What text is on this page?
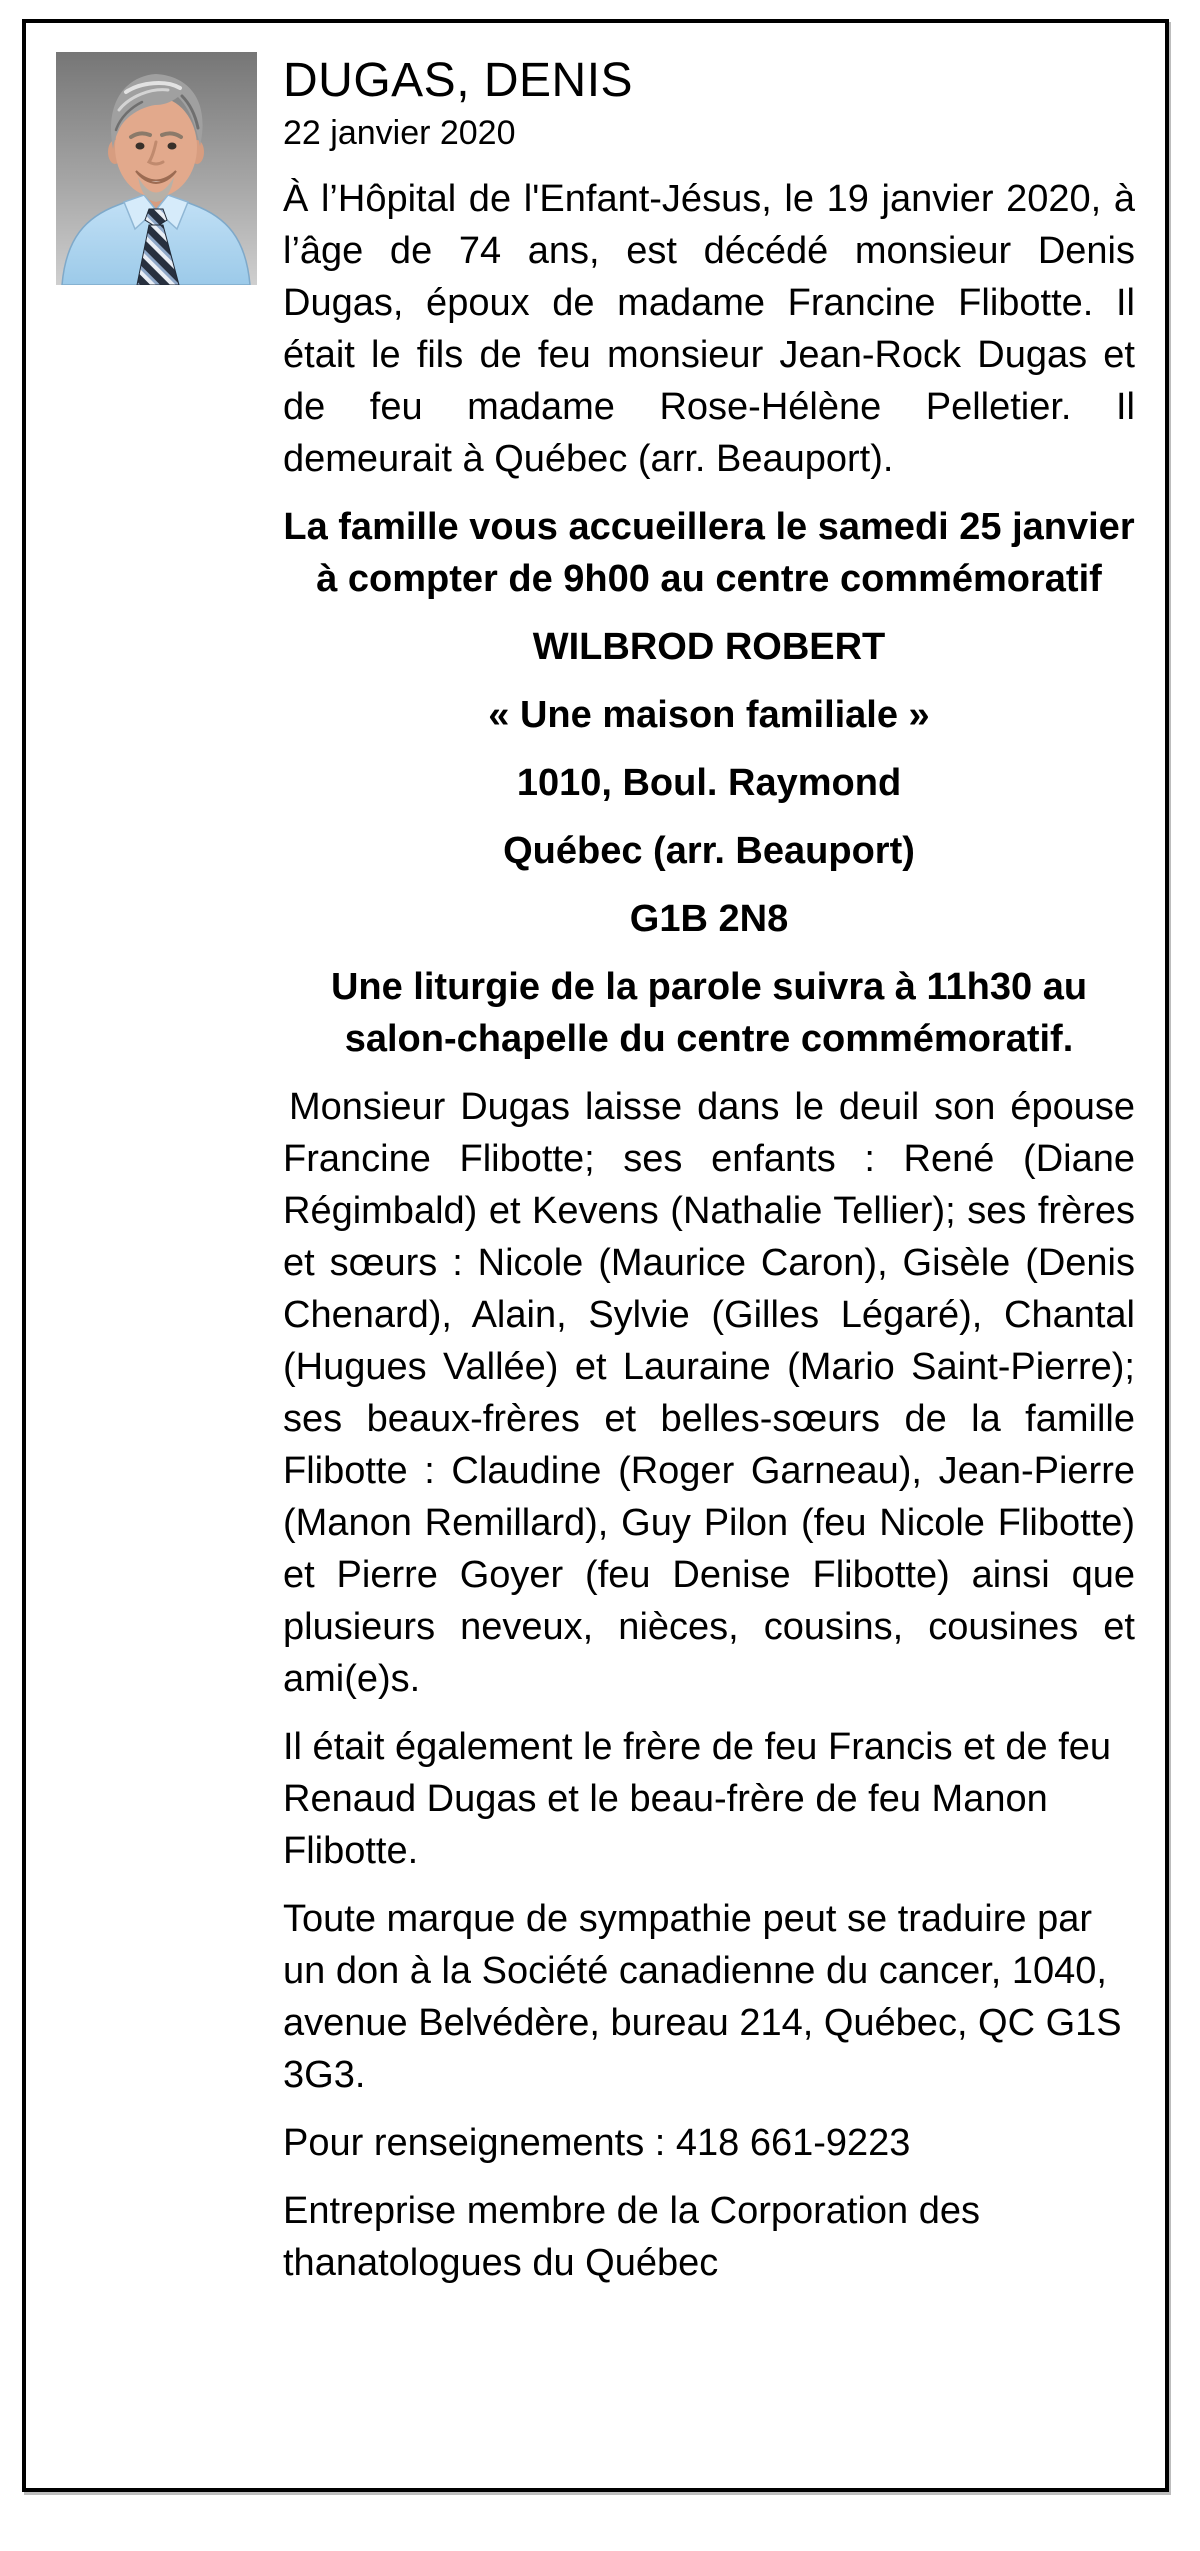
DUGAS, DENIS
22 janvier 2020

À l’Hôpital de l'Enfant-Jésus, le 19 janvier 2020, à l’âge de 74 ans, est décédé monsieur Denis Dugas, époux de madame Francine Flibotte. Il était le fils de feu monsieur Jean-Rock Dugas et de feu madame Rose-Hélène Pelletier. Il demeurait à Québec (arr. Beauport).

La famille vous accueillera le samedi 25 janvier à compter de 9h00 au centre commémoratif

WILBROD ROBERT

« Une maison familiale »

1010, Boul. Raymond

Québec (arr. Beauport)

G1B 2N8

Une liturgie de la parole suivra à 11h30 au salon-chapelle du centre commémoratif.

Monsieur Dugas laisse dans le deuil son épouse Francine Flibotte; ses enfants : René (Diane Régimbald) et Kevens (Nathalie Tellier); ses frères et sœurs : Nicole (Maurice Caron), Gisèle (Denis Chenard), Alain, Sylvie (Gilles Légaré), Chantal (Hugues Vallée) et Lauraine (Mario Saint-Pierre); ses beaux-frères et belles-sœurs de la famille Flibotte : Claudine (Roger Garneau), Jean-Pierre (Manon Remillard), Guy Pilon (feu Nicole Flibotte) et Pierre Goyer (feu Denise Flibotte) ainsi que plusieurs neveux, nièces, cousins, cousines et ami(e)s.

Il était également le frère de feu Francis et de feu Renaud Dugas et le beau-frère de feu Manon Flibotte.

Toute marque de sympathie peut se traduire par un don à la Société canadienne du cancer, 1040, avenue Belvédère, bureau 214, Québec, QC G1S 3G3.

Pour renseignements : 418 661-9223

Entreprise membre de la Corporation des thanatologues du Québec
